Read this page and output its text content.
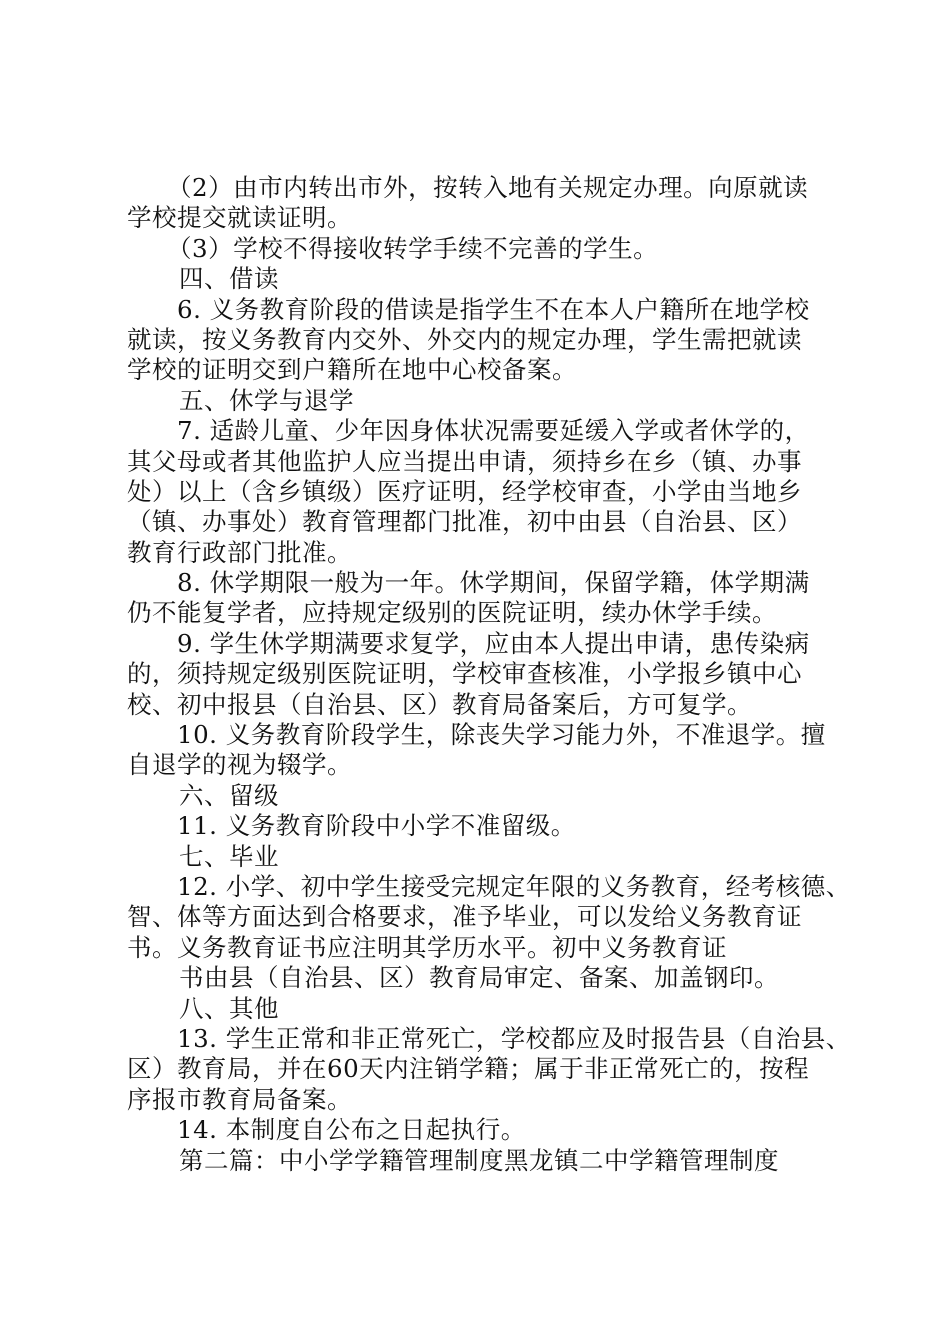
（2）由市内转出市外，按转入地有关规定办理。向原就读
学校提交就读证明。
（3）学校不得接收转学手续不完善的学生。
四、借读
6. 义务教育阶段的借读是指学生不在本人户籍所在地学校
就读，按义务教育内交外、外交内的规定办理，学生需把就读
学校的证明交到户籍所在地中心校备案。
五、休学与退学
7. 适龄儿童、少年因身体状况需要延缓入学或者休学的，
其父母或者其他监护人应当提出申请，须持乡在乡（镇、办事
处）以上（含乡镇级）医疗证明，经学校审查，小学由当地乡
（镇、办事处）教育管理都门批准，初中由县（自治县、区）
教育行政部门批准。
8. 休学期限一般为一年。休学期间，保留学籍，体学期满
仍不能复学者，应持规定级别的医院证明，续办休学手续。
9. 学生休学期满要求复学，应由本人提出申请，患传染病
的，须持规定级别医院证明，学校审查核准，小学报乡镇中心
校、初中报县（自治县、区）教育局备案后，方可复学。
10. 义务教育阶段学生，除丧失学习能力外，不准退学。擅
自退学的视为辍学。
六、留级
11. 义务教育阶段中小学不准留级。
七、毕业
12. 小学、初中学生接受完规定年限的义务教育，经考核德、
智、体等方面达到合格要求，准予毕业，可以发给义务教育证
书。义务教育证书应注明其学历水平。初中义务教育证
书由县（自治县、区）教育局审定、备案、加盖钢印。
八、其他
13. 学生正常和非正常死亡，学校都应及时报告县（自治县、
区）教育局，并在60天内注销学籍；属于非正常死亡的，按程
序报市教育局备案。
14. 本制度自公布之日起执行。
第二篇：中小学学籍管理制度黑龙镇二中学籍管理制度
